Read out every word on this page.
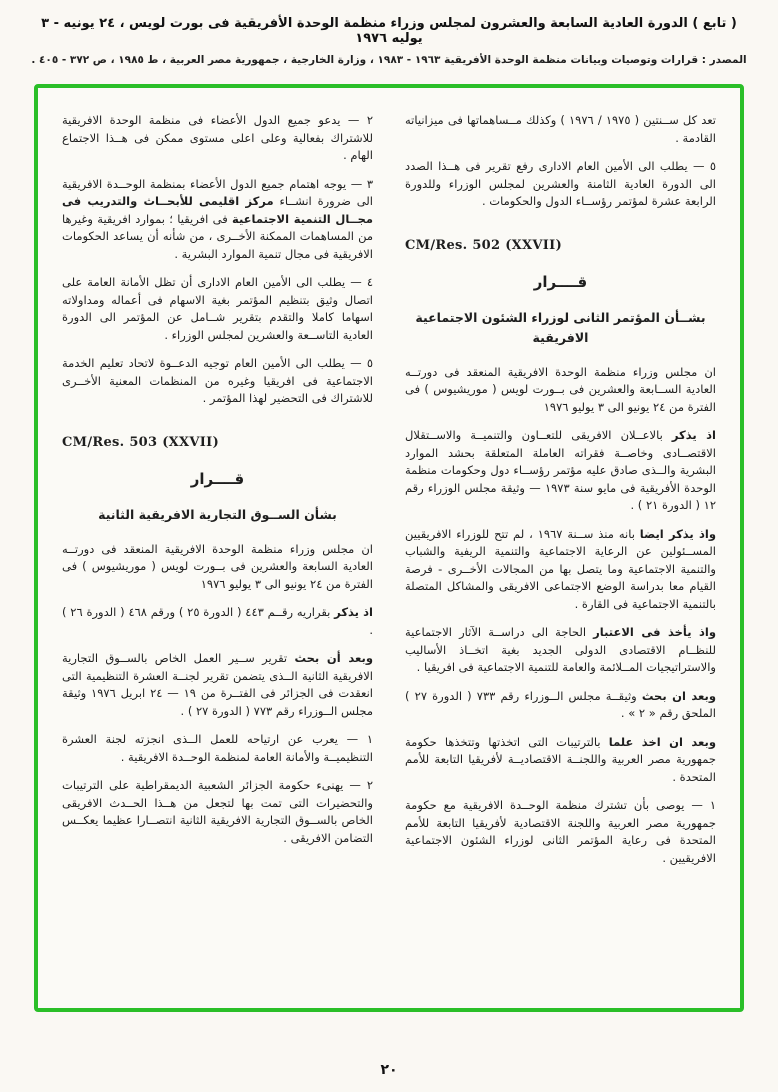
( تابع ) الدورة العادية السابعة والعشرون لمجلس وزراء منظمة الوحدة الأفريقية فى بورت لويس ، ٢٤ يونيه - ٣ يوليه ١٩٧٦
المصدر : قرارات وتوصيات وبيانات منظمة الوحدة الأفريقية ١٩٦٣ - ١٩٨٣ ، وزارة الخارجية ، جمهورية مصر العربية ، ط ١٩٨٥ ، ص ٣٧٢ - ٤٠٥ .
تعد كل ســنتين ( ١٩٧٥ / ١٩٧٦ ) وكذلك مــساهماتها فى ميزانياته القادمة .
٥ — يطلب الى الأمين العام الادارى رفع تقرير فى هــذا الصدد الى الدورة العادية الثامنة والعشرين لمجلس الوزراء وللدورة الرابعة عشرة لمؤتمر رؤســاء الدول والحكومات .
CM/Res. 502 (XXVII)
قــــرار
بشــأن المؤتمر الثانى لوزراء الشئون الاجتماعية الافريقية
ان مجلس وزراء منظمة الوحدة الافريقية المنعقد فى دورتــه العادية الســابعة والعشرين فى بــورت لويس ( موريشيوس ) فى الفترة من ٢٤ يونيو الى ٣ يوليو ١٩٧٦
اذ يذكر بالاعــلان الافريقى للتعــاون والتنميــة والاســتقلال الاقتصــادى وخاصــة فقراته العاملة المتعلقة بحشد الموارد البشرية والــذى صادق عليه مؤتمر رؤســاء دول وحكومات منظمة الوحدة الأفريقية فى مايو سنة ١٩٧٣ — وثيقة مجلس الوزراء رقم ١٢ ( الدورة ٢١ ) .
واذ يذكر ايضا بانه منذ ســنة ١٩٦٧ ، لم تتح للوزراء الافريقيين المســئولين عن الرعاية الاجتماعية والتنمية الريفية والشباب والتنمية الاجتماعية وما يتصل بها من المجالات الأخــرى - فرصة القيام معا بدراسة الوضع الاجتماعى الافريقى والمشاكل المتصلة بالتنمية الاجتماعية فى القارة .
واذ يأخذ فى الاعتبار الحاجة الى دراســة الآثار الاجتماعية للنظــام الاقتصادى الدولى الجديد بغية اتخــاذ الأساليب والاستراتيجيات المــلائمة والعامة للتنمية الاجتماعية فى افريقيا .
وبعد ان بحث وثيقــة مجلس الــوزراء رقم ٧٣٣ ( الدورة ٢٧ ) الملحق رقم « ٢ » .
وبعد ان اخذ علما بالترتيبات التى اتخذتها وتتخذها حكومة جمهورية مصر العربية واللجنــة الاقتصاديــة لأفريقيا التابعة للأمم المتحدة .
١ — يوصى بأن تشترك منظمة الوحــدة الافريقية مع حكومة جمهورية مصر العربية واللجنة الاقتصادية لأفريقيا التابعة للأمم المتحدة فى رعاية المؤتمر الثانى لوزراء الشئون الاجتماعية الافريقيين .
٢ — يدعو جميع الدول الأعضاء فى منظمة الوحدة الافريقية للاشتراك بفعالية وعلى اعلى مستوى ممكن فى هــذا الاجتماع الهام .
٣ — يوجه اهتمام جميع الدول الأعضاء بمنظمة الوحــدة الافريقية الى ضرورة انشــاء مركز اقليمى للأبحــاث والتدريب فى مجــال التنمية الاجتماعية فى افريقيا ؛ بموارد افريقية وغيرها من المساهمات الممكنة الأخــرى ، من شأنه أن يساعد الحكومات الافريقية فى مجال تنمية الموارد البشرية .
٤ — يطلب الى الأمين العام الادارى أن تظل الأمانة العامة على اتصال وثيق بتنظيم المؤتمر بغية الاسهام فى أعماله ومداولاته اسهاما كاملا والتقدم بتقرير شــامل عن المؤتمر الى الدورة العادية التاســعة والعشرين لمجلس الوزراء .
٥ — يطلب الى الأمين العام توجيه الدعــوة لاتحاد تعليم الخدمة الاجتماعية فى افريقيا وغيره من المنظمات المعنية الأخــرى للاشتراك فى التحضير لهذا المؤتمر .
CM/Res. 503 (XXVII)
قــــرار
بشأن الســوق التجارية الافريقية الثانية
ان مجلس وزراء منظمة الوحدة الافريقية المنعقد فى دورتــه العادية السابعة والعشرين فى بــورت لويس ( موريشيوس ) فى الفترة من ٢٤ يونيو الى ٣ يوليو ١٩٧٦
اذ يذكر بقراريه رقــم ٤٤٣ ( الدورة ٢٥ ) ورقم ٤٦٨ ( الدورة ٢٦ ) .
وبعد أن بحث تقرير ســير العمل الخاص بالســوق التجارية الافريقية الثانية الــذى يتضمن تقرير لجنــة العشرة التنظيمية التى انعقدت فى الجزائر فى الفتــرة من ١٩ — ٢٤ ابريل ١٩٧٦ وثيقة مجلس الــوزراء رقم ٧٧٣ ( الدورة ٢٧ ) .
١ — يعرب عن ارتياحه للعمل الــذى انجزته لجنة العشرة التنظيميــة والأمانة العامة لمنظمة الوحــدة الافريقية .
٢ — يهنىء حكومة الجزائر الشعبية الديمقراطية على الترتيبات والتحضيرات التى تمت بها لتجعل من هــذا الحــدث الافريقى الخاص بالســوق التجارية الافريقية الثانية انتصــارا عظيما يعكــس التضامن الافريقى .
٢٠
